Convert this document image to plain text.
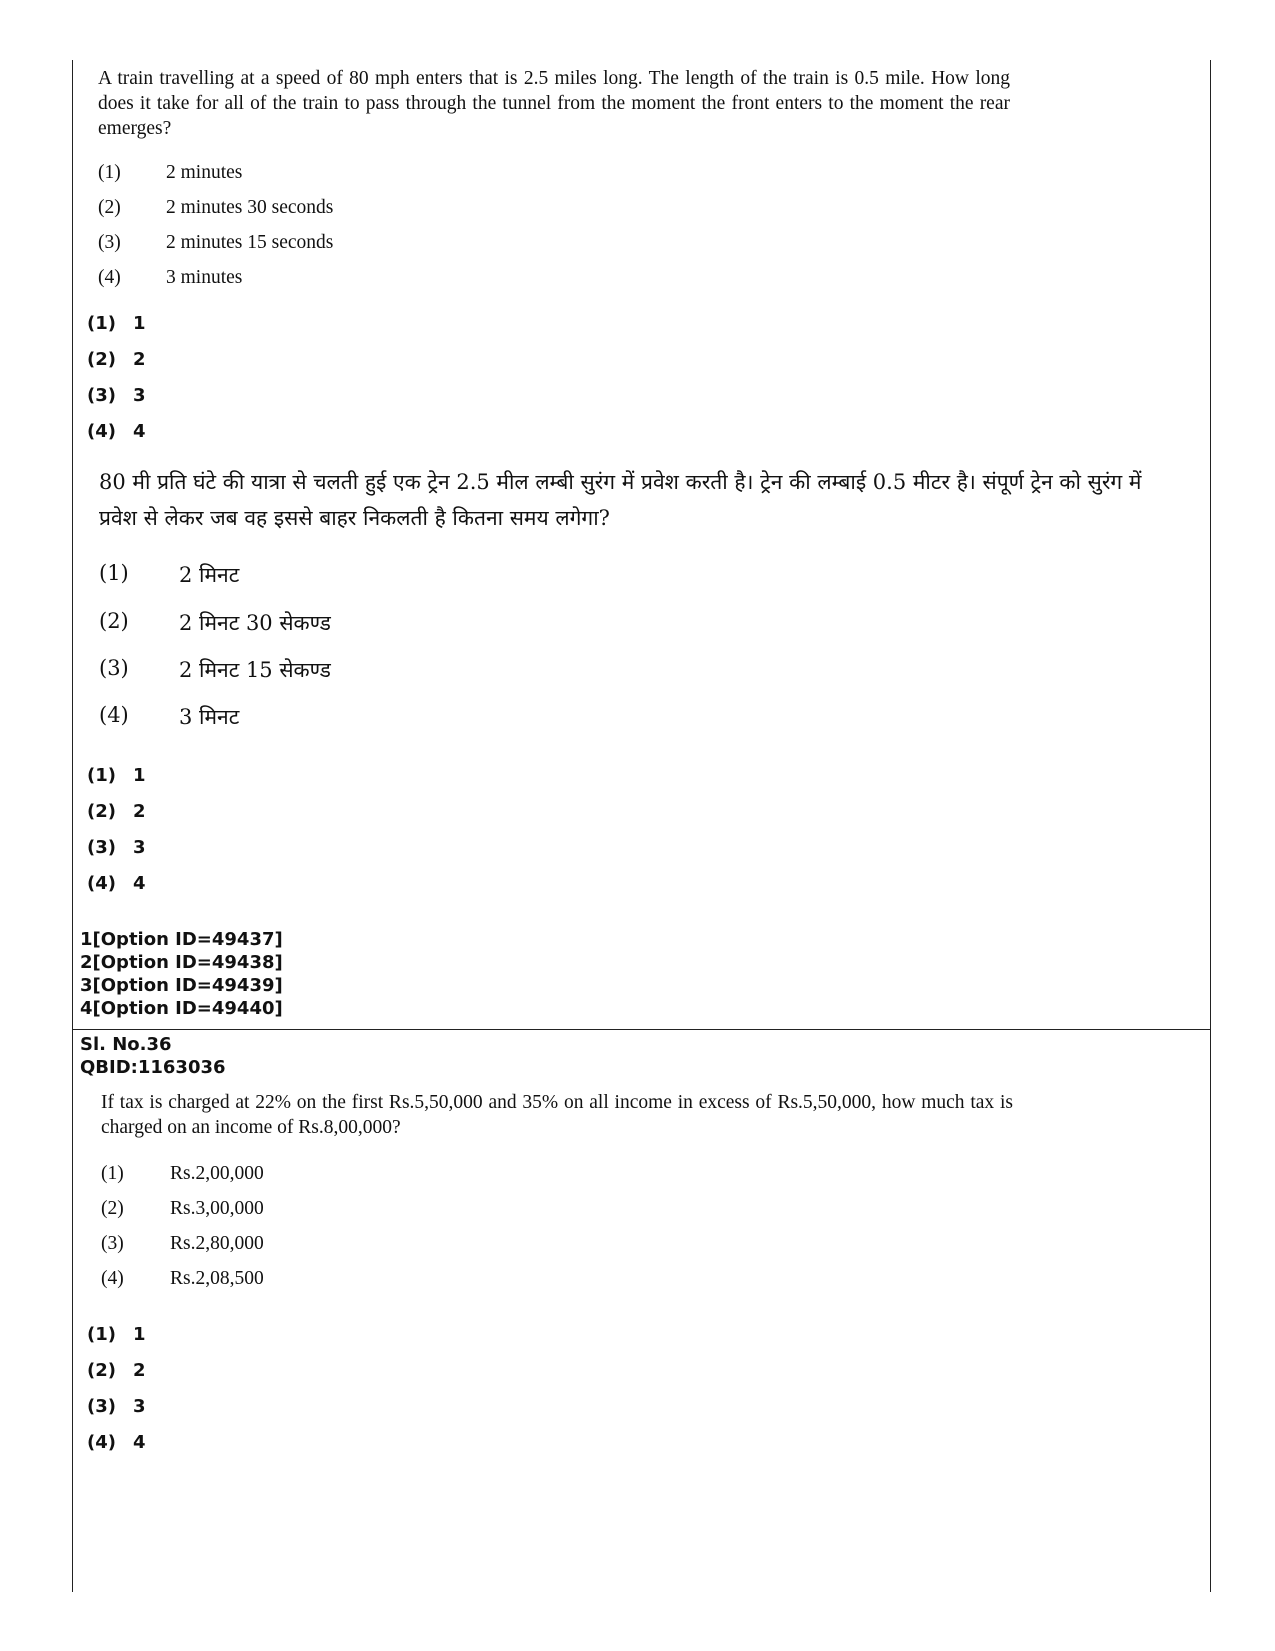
A train travelling at a speed of 80 mph enters that is 2.5 miles long. The length of the train is 0.5 mile. How long does it take for all of the train to pass through the tunnel from the moment the front enters to the moment the rear emerges?
(1) 2 minutes
(2) 2 minutes 30 seconds
(3) 2 minutes 15 seconds
(4) 3 minutes
(1) 1
(2) 2
(3) 3
(4) 4
80 मी प्रति घंटे की यात्रा से चलती हुई एक ट्रेन 2.5 मील लम्बी सुरंग में प्रवेश करती है। ट्रेन की लम्बाई 0.5 मीटर है। संपूर्ण ट्रेन को सुरंग में प्रवेश से लेकर जब वह इससे बाहर निकलती है कितना समय लगेगा?
(1) 2 मिनट
(2) 2 मिनट 30 सेकण्ड
(3) 2 मिनट 15 सेकण्ड
(4) 3 मिनट
(1) 1
(2) 2
(3) 3
(4) 4
1[Option ID=49437]
2[Option ID=49438]
3[Option ID=49439]
4[Option ID=49440]
Sl. No.36
QBID:1163036
If tax is charged at 22% on the first Rs.5,50,000 and 35% on all income in excess of Rs.5,50,000, how much tax is charged on an income of Rs.8,00,000?
(1) Rs.2,00,000
(2) Rs.3,00,000
(3) Rs.2,80,000
(4) Rs.2,08,500
(1) 1
(2) 2
(3) 3
(4) 4
